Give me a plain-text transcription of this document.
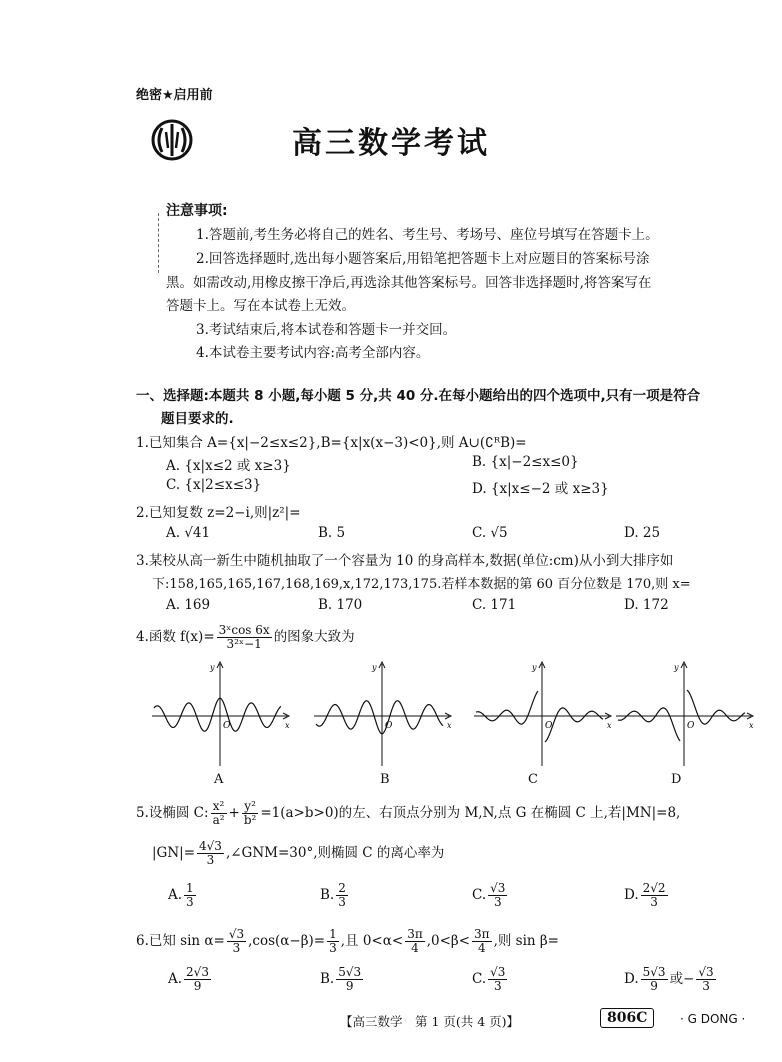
绝密★启用前
高三数学考试
注意事项:
1.答题前,考生务必将自己的姓名、考生号、考场号、座位号填写在答题卡上。
2.回答选择题时,选出每小题答案后,用铅笔把答题卡上对应题目的答案标号涂
黑。如需改动,用橡皮擦干净后,再选涂其他答案标号。回答非选择题时,将答案写在
答题卡上。写在本试卷上无效。
3.考试结束后,将本试卷和答题卡一并交回。
4.本试卷主要考试内容:高考全部内容。
一、选择题:本题共 8 小题,每小题 5 分,共 40 分.在每小题给出的四个选项中,只有一项是符合
题目要求的.
1.已知集合 A={x|−2≤x≤2},B={x|x(x−3)<0},则 A∪(∁ᴿB)=
A. {x|x≤2 或 x≥3}	B. {x|−2≤x≤0}
C. {x|2≤x≤3}	D. {x|x≤−2 或 x≥3}
2.已知复数 z=2−i,则|z²|=
A. √41	B. 5	C. √5	D. 25
3.某校从高一新生中随机抽取了一个容量为 10 的身高样本,数据(单位:cm)从小到大排序如
下:158,165,165,167,168,169,x,172,173,175.若样本数据的第 60 百分位数是 170,则 x=
A. 169	B. 170	C. 171	D. 172
4.函数 $f(x)= \frac{\text{3ˣcos 6x}}{\text{3²ˣ−1}}$ 的图象大致为
x
y
O	x
y
O	x
y
O	x
y
O
A	B	C	D
5.设椭圆 C: $\frac{\text{x²}}{\text{a²}} + \frac{\text{y²}}{\text{b²}} =1(a>b>0)$的左、右顶点分别为 M,N,点 G 在椭圆 C 上,若|MN|=8,
$|GN|= \frac{4√3}{3}$ ,∠GNM=30°,则椭圆 C 的离心率为
A. $\frac{1}{3}$	B. $\frac{2}{3}$	C. $\frac{√3}{3}$	D. $\frac{2√2}{3}$
6.已知 $\sin \alpha= \frac{√3}{3} ,\cos(\alpha-\beta)= \frac{1}{3}$ ,且 $0<\alpha< \frac{3\pi}{4} ,0<\beta< \frac{3\pi}{4}$ ,则 sin β=
A. $\frac{2√3}{9}$	B. $\frac{5√3}{9}$	C. $\frac{√3}{3}$	D. $\frac{5√3}{9}$ 或− $\frac{√3}{3}$
【高三数学　第 1 页(共 4 页)】	806C	· G DONG ·
